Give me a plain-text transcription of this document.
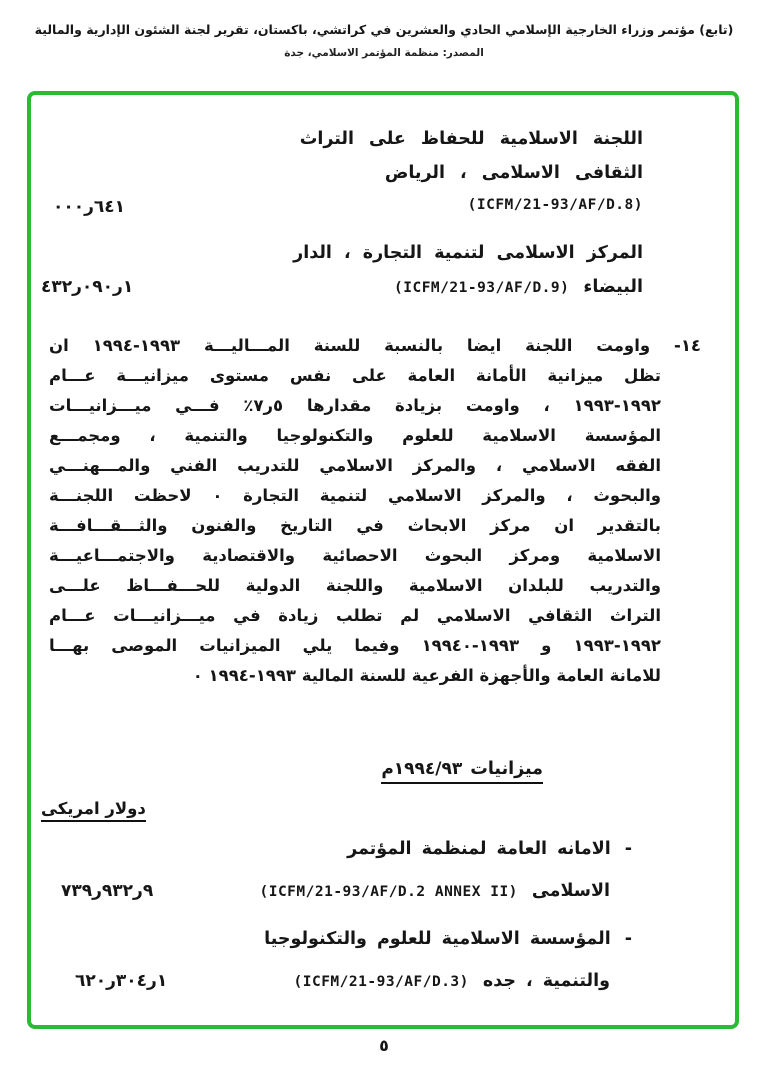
(تابع) مؤتمر وزراء الخارجية الإسلامي الحادي والعشرين في كراتشي، باكستان، تقرير لجنة الشئون الإدارية والمالية
المصدر: منظمة المؤتمر الاسلامي، جدة
اللجنة الاسلامية للحفاظ على التراث
الثقافى الاسلامى ، الرياض
٠٠٠ر٦٤١	(ICFM/21-93/AF/D.8)
المركز الاسلامى لتنمية التجارة ، الدار
البيضاء
(ICFM/21-93/AF/D.9)
٤٣٢ر٠٩٠ر١
١٤- واومت اللجنة ايضا بالنسبة للسنة المـــاليـــة ١٩٩٣-١٩٩٤ ان
تظل ميزانية الأمانة العامة على نفس مستوى ميزانيـــة عـــام
١٩٩٢-١٩٩٣ ، واومت بزيادة مقدارها ٥ر٧٪ فـــي ميـــزانيـــات
المؤسسة الاسلامية للعلوم والتكنولوجيا والتنمية ، ومجمـــع
الفقه الاسلامي ، والمركز الاسلامي للتدريب الفني والمـــهنـــي
والبحوث ، والمركز الاسلامي لتنمية التجارة ٠ لاحظت اللجنـــة
بالتقدير ان مركز الابحاث في التاريخ والفنون والثـــقـــافـــة
الاسلامية ومركز البحوث الاحصائية والاقتصادية والاجتمـــاعيـــة
والتدريب للبلدان الاسلامية واللجنة الدولية للحـــفـــاظ علـــى
التراث الثقافي الاسلامي لم تطلب زيادة في ميـــزانيـــات عـــام
١٩٩٢-١٩٩٣ و ١٩٩٣-١٩٩٤٠ وفيما يلي الميزانيات الموصى بهـــا
للامانة العامة والأجهزة الفرعية للسنة المالية ١٩٩٣-١٩٩٤ ٠
ميزانيات
م١٩٩٤/٩٣
دولار امريكى
-
الامانه العامة لمنظمة المؤتمر
الاسلامى
(ICFM/21-93/AF/D.2 ANNEX II)
٧٣٩ر٩٣٢ر٩
-
المؤسسة الاسلامية للعلوم والتكنولوجيا
والتنمية ، جده
(ICFM/21-93/AF/D.3)
٦٢٠ر٣٠٤ر١
٥
